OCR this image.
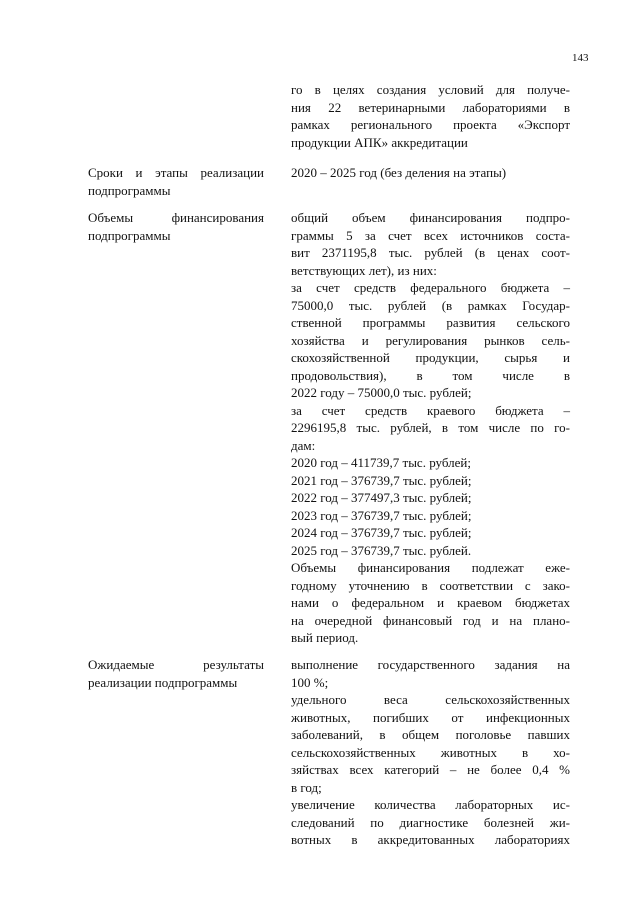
143
го в целях создания условий для получе-
ния 22 ветеринарными лабораториями в
рамках регионального проекта «Экспорт
продукции АПК» аккредитации
Сроки и этапы реализации
подпрограммы
2020 – 2025 год (без деления на этапы)
Объемы финансирования
подпрограммы
общий объем финансирования подпро-
граммы 5 за счет всех источников соста-
вит 2371195,8 тыс. рублей (в ценах соот-
ветствующих лет), из них:
за счет средств федерального бюджета –
75000,0 тыс. рублей (в рамках Государ-
ственной программы развития сельского
хозяйства и регулирования рынков сель-
скохозяйственной продукции, сырья и
продовольствия), в том числе в
2022 году – 75000,0 тыс. рублей;
за счет средств краевого бюджета –
2296195,8 тыс. рублей, в том числе по го-
дам:
2020 год – 411739,7 тыс. рублей;
2021 год – 376739,7 тыс. рублей;
2022 год – 377497,3 тыс. рублей;
2023 год – 376739,7 тыс. рублей;
2024 год – 376739,7 тыс. рублей;
2025 год – 376739,7 тыс. рублей.
Объемы финансирования подлежат еже-
годному уточнению в соответствии с зако-
нами о федеральном и краевом бюджетах
на очередной финансовый год и на плано-
вый период.
Ожидаемые результаты
реализации подпрограммы
выполнение государственного задания на
100 %;
удельного веса сельскохозяйственных
животных, погибших от инфекционных
заболеваний, в общем поголовье павших
сельскохозяйственных животных в хо-
зяйствах всех категорий – не более 0,4 %
в год;
увеличение количества лабораторных ис-
следований по диагностике болезней жи-
вотных в аккредитованных лабораториях
